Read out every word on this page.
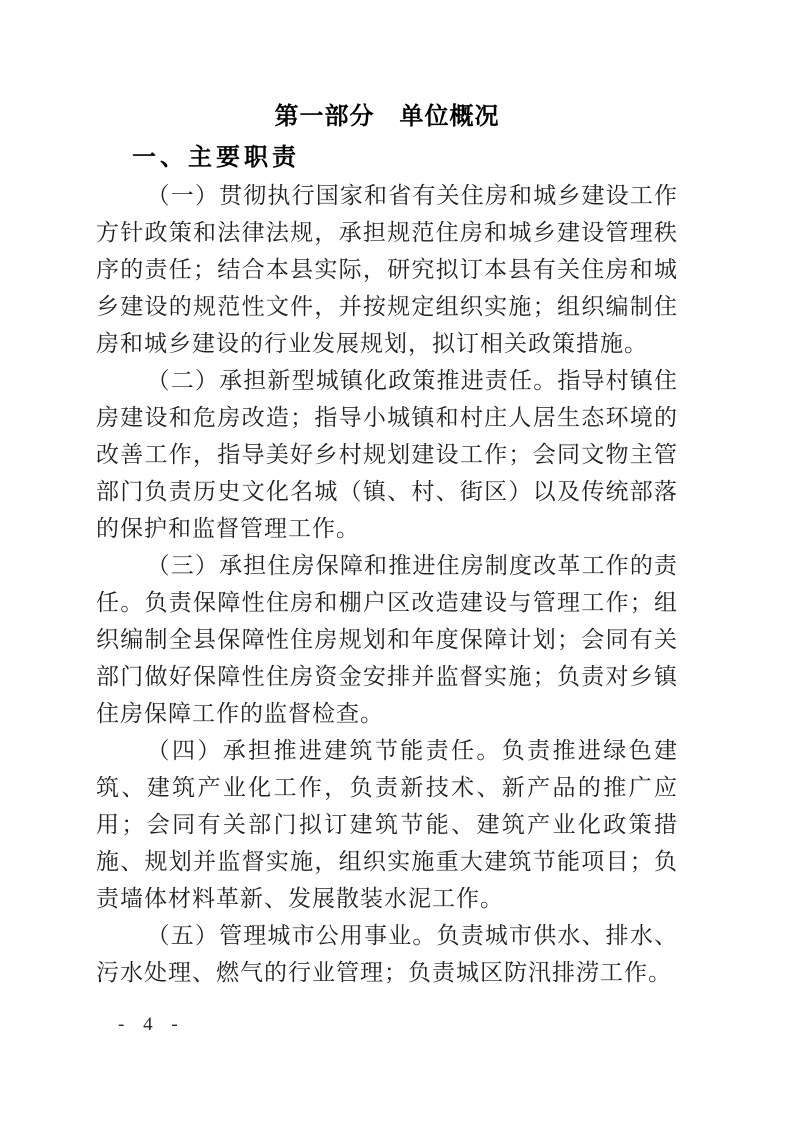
第一部分　单位概况
一、主要职责

（一）贯彻执行国家和省有关住房和城乡建设工作方针政策和法律法规，承担规范住房和城乡建设管理秩序的责任；结合本县实际，研究拟订本县有关住房和城乡建设的规范性文件，并按规定组织实施；组织编制住房和城乡建设的行业发展规划，拟订相关政策措施。

（二）承担新型城镇化政策推进责任。指导村镇住房建设和危房改造；指导小城镇和村庄人居生态环境的改善工作，指导美好乡村规划建设工作；会同文物主管部门负责历史文化名城（镇、村、街区）以及传统部落的保护和监督管理工作。

（三）承担住房保障和推进住房制度改革工作的责任。负责保障性住房和棚户区改造建设与管理工作；组织编制全县保障性住房规划和年度保障计划；会同有关部门做好保障性住房资金安排并监督实施；负责对乡镇住房保障工作的监督检查。

（四）承担推进建筑节能责任。负责推进绿色建筑、建筑产业化工作，负责新技术、新产品的推广应用；会同有关部门拟订建筑节能、建筑产业化政策措施、规划并监督实施，组织实施重大建筑节能项目；负责墙体材料革新、发展散装水泥工作。

（五）管理城市公用事业。负责城市供水、排水、污水处理、燃气的行业管理；负责城区防汛排涝工作。

- 4 -
